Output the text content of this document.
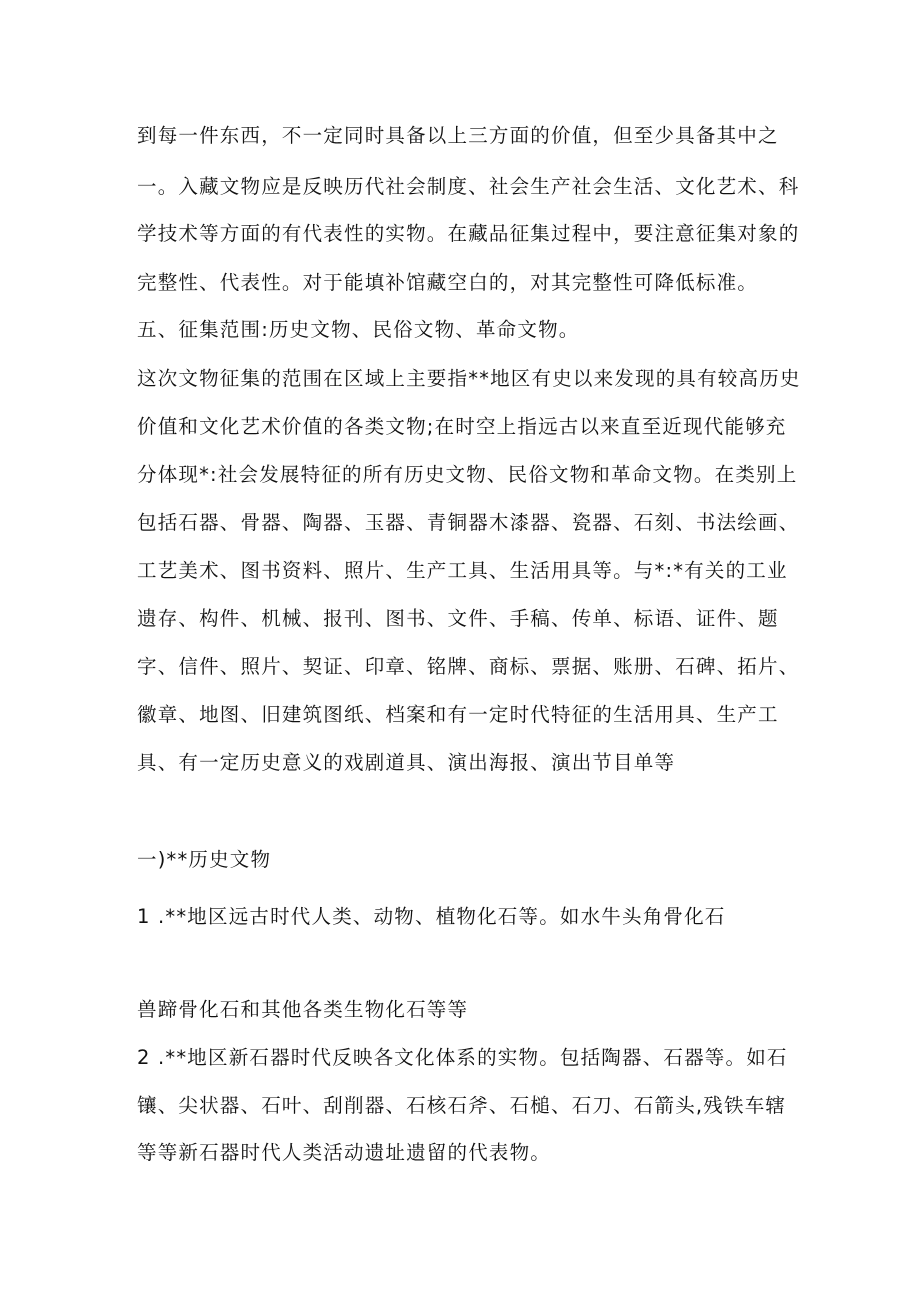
到每一件东西，不一定同时具备以上三方面的价值，但至少具备其中之
一。入藏文物应是反映历代社会制度、社会生产社会生活、文化艺术、科
学技术等方面的有代表性的实物。在藏品征集过程中，要注意征集对象的
完整性、代表性。对于能填补馆藏空白的，对其完整性可降低标准。
五、征集范围:历史文物、民俗文物、革命文物。
这次文物征集的范围在区域上主要指**地区有史以来发现的具有较高历史
价值和文化艺术价值的各类文物;在时空上指远古以来直至近现代能够充
分体现*:社会发展特征的所有历史文物、民俗文物和革命文物。在类别上
包括石器、骨器、陶器、玉器、青铜器木漆器、瓷器、石刻、书法绘画、
工艺美术、图书资料、照片、生产工具、生活用具等。与*:*有关的工业
遗存、构件、机械、报刊、图书、文件、手稿、传单、标语、证件、题
字、信件、照片、契证、印章、铭牌、商标、票据、账册、石碑、拓片、
徽章、地图、旧建筑图纸、档案和有一定时代特征的生活用具、生产工
具、有一定历史意义的戏剧道具、演出海报、演出节目单等
一)**历史文物
1 .**地区远古时代人类、动物、植物化石等。如水牛头角骨化石
兽蹄骨化石和其他各类生物化石等等
2 .**地区新石器时代反映各文化体系的实物。包括陶器、石器等。如石
镶、尖状器、石叶、刮削器、石核石斧、石槌、石刀、石箭头,残铁车辖
等等新石器时代人类活动遗址遗留的代表物。
